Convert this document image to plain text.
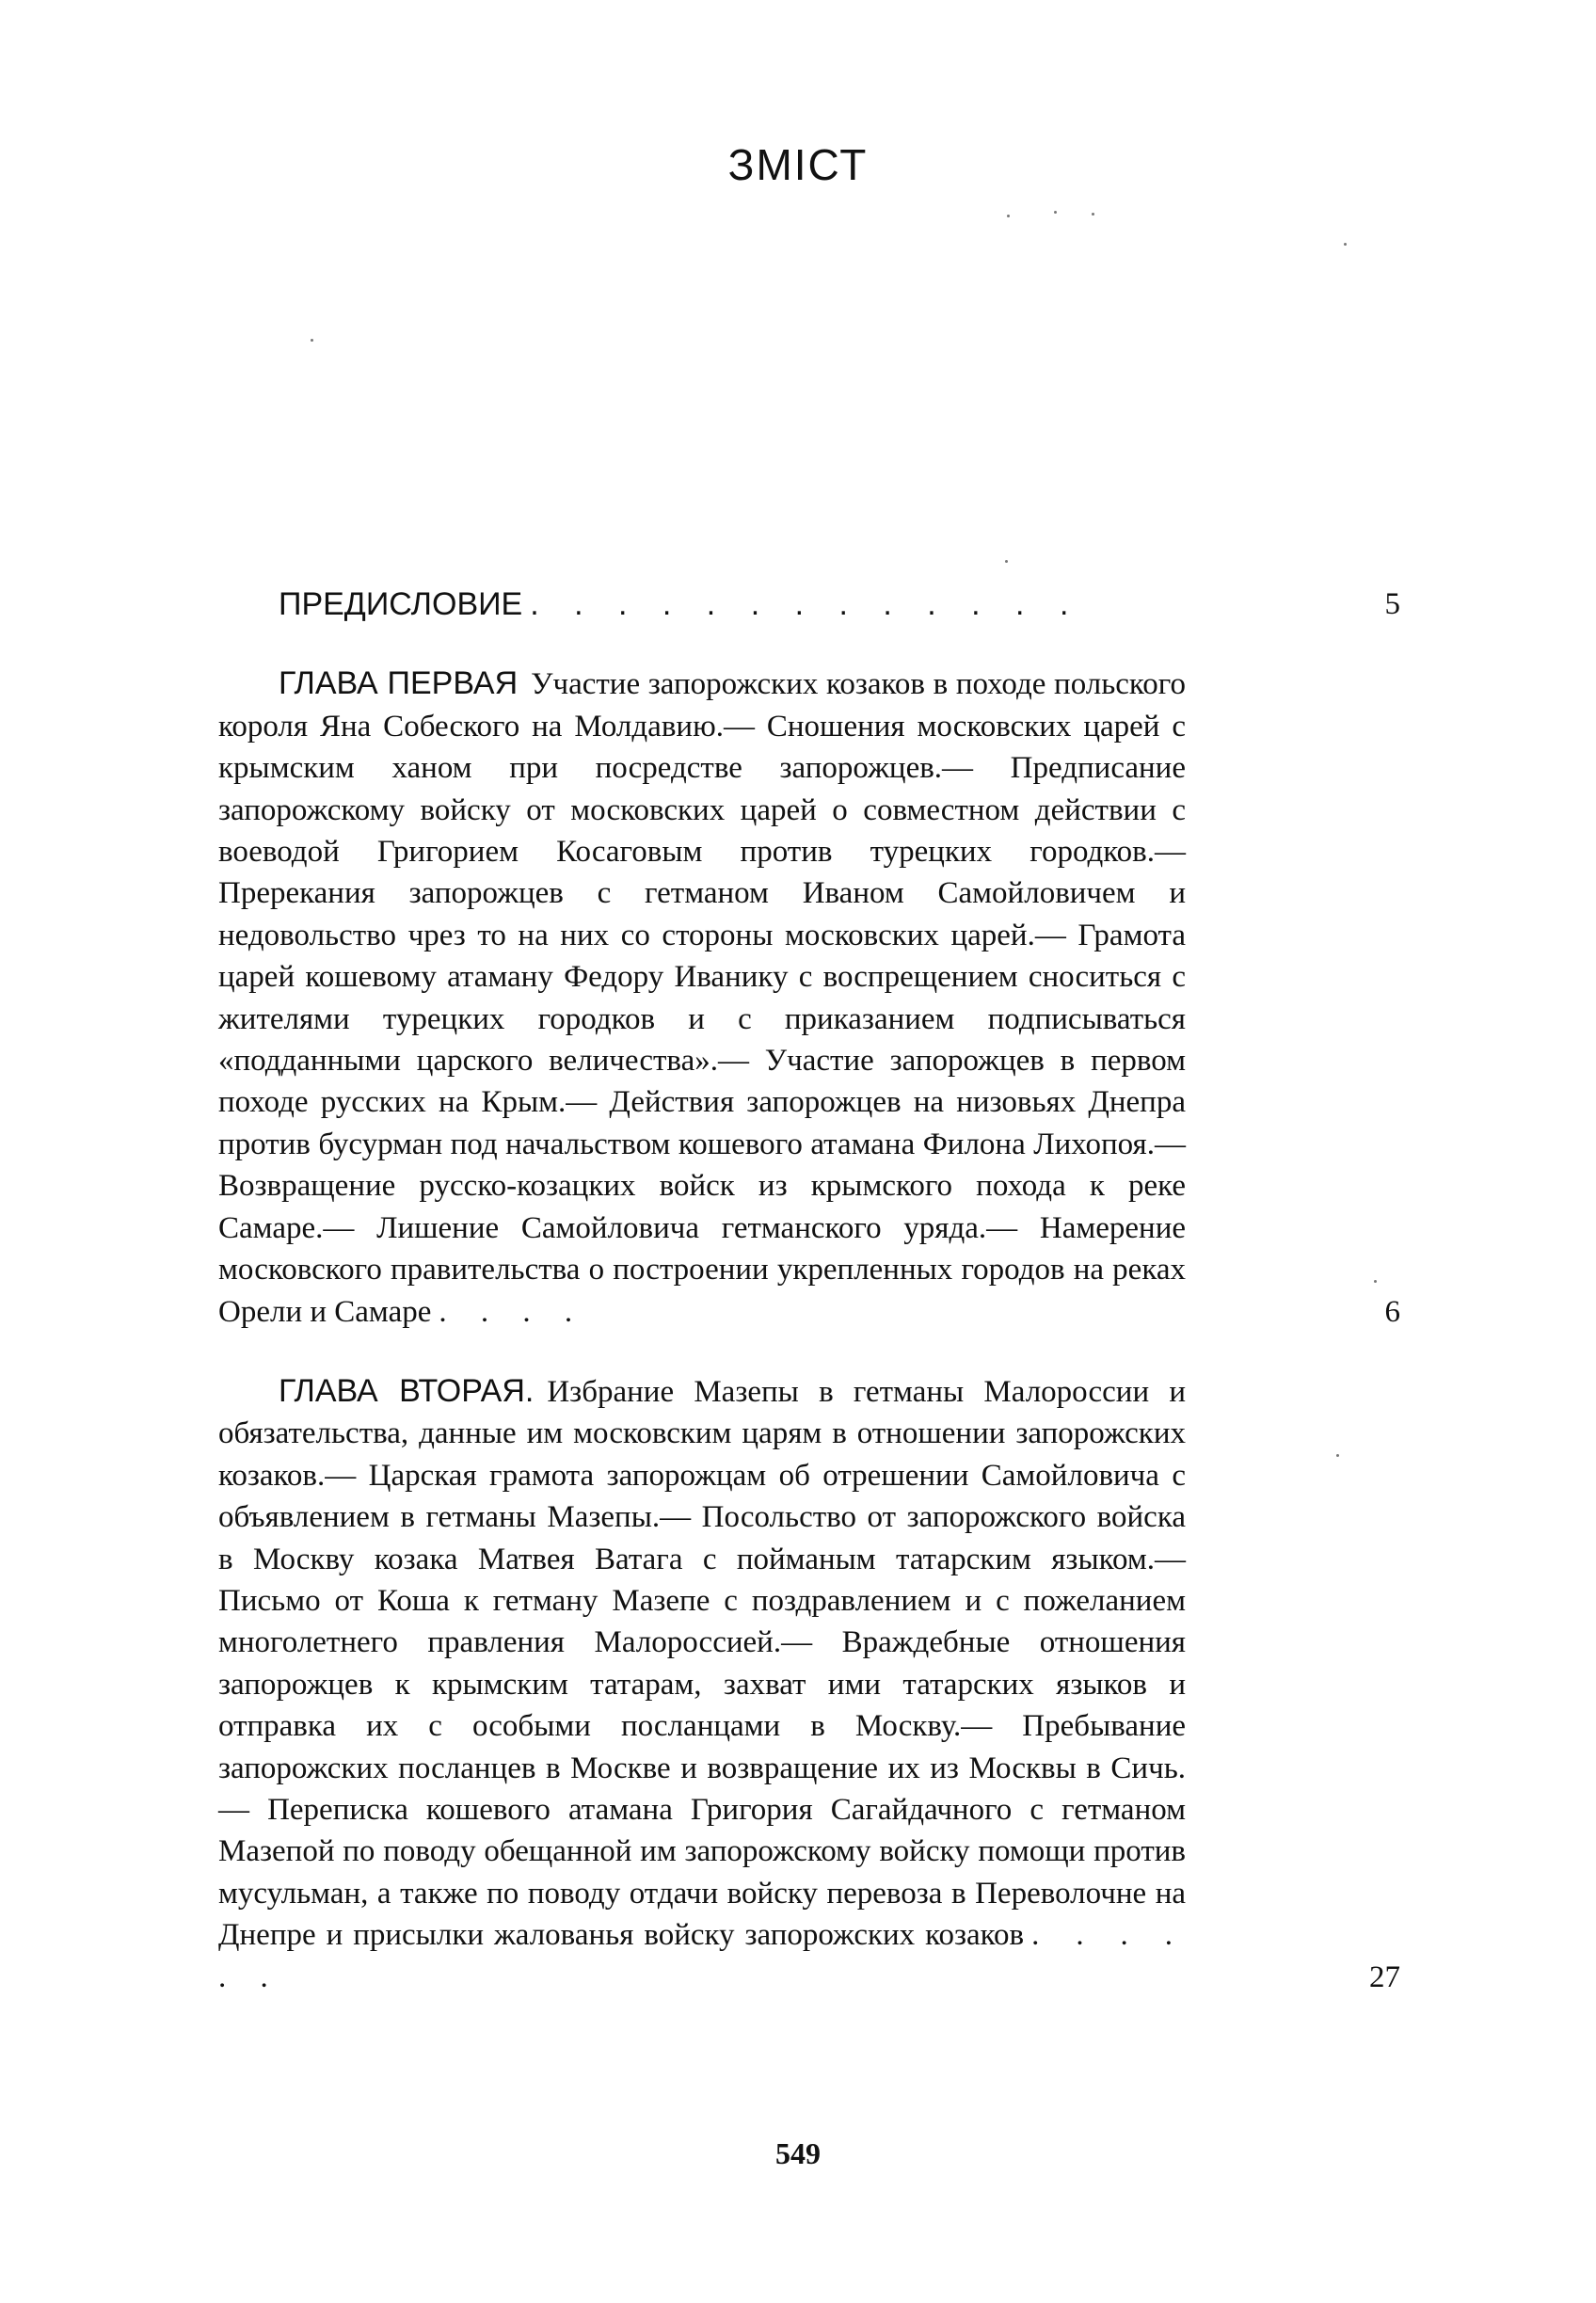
ЗМІСТ
ПРЕДИСЛОВИЕ . . . . . . . . . . . . .	5
ГЛАВА ПЕРВАЯ Участие запорожских козаков в походе польского короля Яна Собеского на Молдавию.— Сношения московских царей с крымским ханом при посредстве запорожцев.— Предписание запорожскому войску от московских царей о совместном действии с воеводой Григорием Косаговым против турецких городков.— Пререкания запорожцев с гетманом Иваном Самойловичем и недовольство чрез то на них со стороны московских царей.— Грамота царей кошевому атаману Федору Иванику с воспрещением сноситься с жителями турецких городков и с приказанием подписываться «подданными царского величества».— Участие запорожцев в первом походе русских на Крым.— Действия запорожцев на низовьях Днепра против бусурман под начальством кошевого атамана Филона Лихопоя.— Возвращение русско-козацких войск из крымского похода к реке Самаре.— Лишение Самойловича гетманского уряда.— Намерение московского правительства о построении укрепленных городов на реках Орели и Самаре . . . .	6
ГЛАВА ВТОРАЯ. Избрание Мазепы в гетманы Малороссии и обязательства, данные им московским царям в отношении запорожских козаков.— Царская грамота запорожцам об отрешении Самойловича с объявлением в гетманы Мазепы.— Посольство от запорожского войска в Москву козака Матвея Ватага с пойманым татарским языком.— Письмо от Коша к гетману Мазепе с поздравлением и с пожеланием многолетнего правления Малороссией.— Враждебные отношения запорожцев к крымским татарам, захват ими татарских языков и отправка их с особыми посланцами в Москву.— Пребывание запорожских посланцев в Москве и возвращение их из Москвы в Сичь.— Переписка кошевого атамана Григория Сагайдачного с гетманом Мазепой по поводу обещанной им запорожскому войску помощи против мусульман, а также по поводу отдачи войску перевоза в Переволочне на Днепре и присылки жалованья войску запорожских козаков . . . . . .	27
549
